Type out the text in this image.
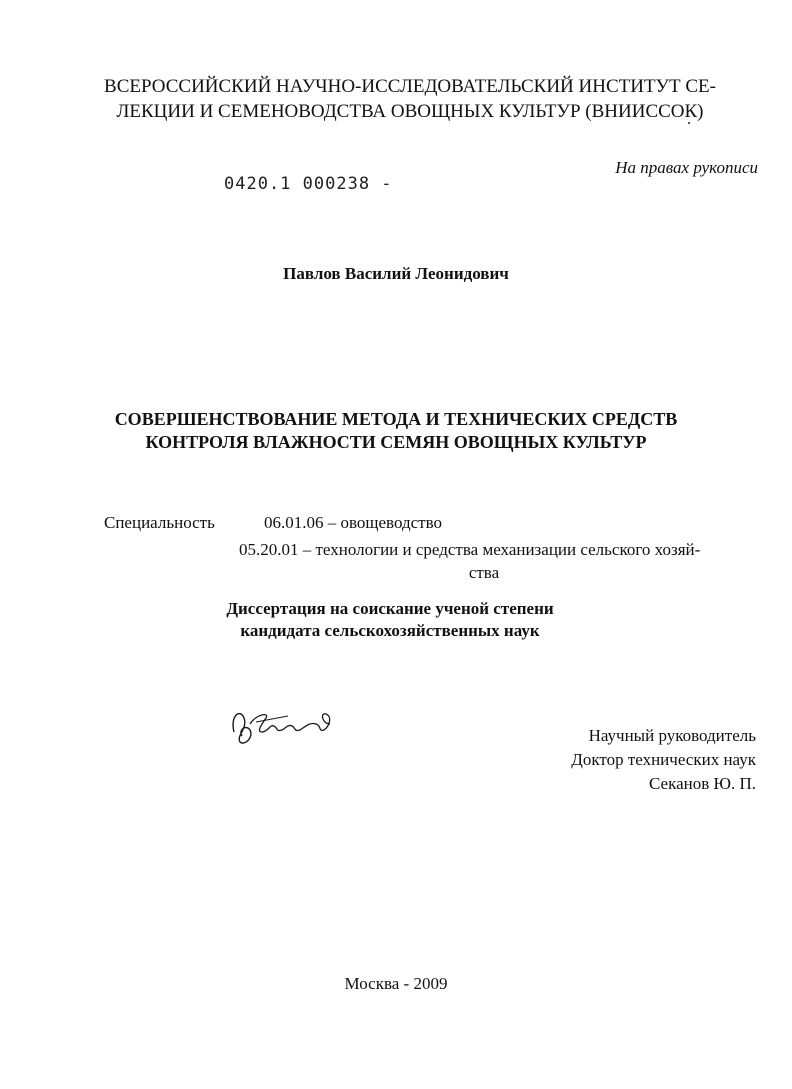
ВСЕРОССИЙСКИЙ НАУЧНО-ИССЛЕДОВАТЕЛЬСКИЙ ИНСТИТУТ СЕ-
ЛЕКЦИИ И СЕМЕНОВОДСТВА ОВОЩНЫХ КУЛЬТУР (ВНИИССОК)
На правах рукописи
0420.1 000238 -
Павлов Василий Леонидович
СОВЕРШЕНСТВОВАНИЕ МЕТОДА И ТЕХНИЧЕСКИХ СРЕДСТВ
КОНТРОЛЯ ВЛАЖНОСТИ СЕМЯН ОВОЩНЫХ КУЛЬТУР
Специальность	06.01.06 – овощеводство
05.20.01 – технологии и средства механизации сельского хозяй-
ства
Диссертация на соискание ученой степени
кандидата сельскохозяйственных наук
Научный руководитель
Доктор технических наук
Секанов Ю. П.
Москва - 2009
